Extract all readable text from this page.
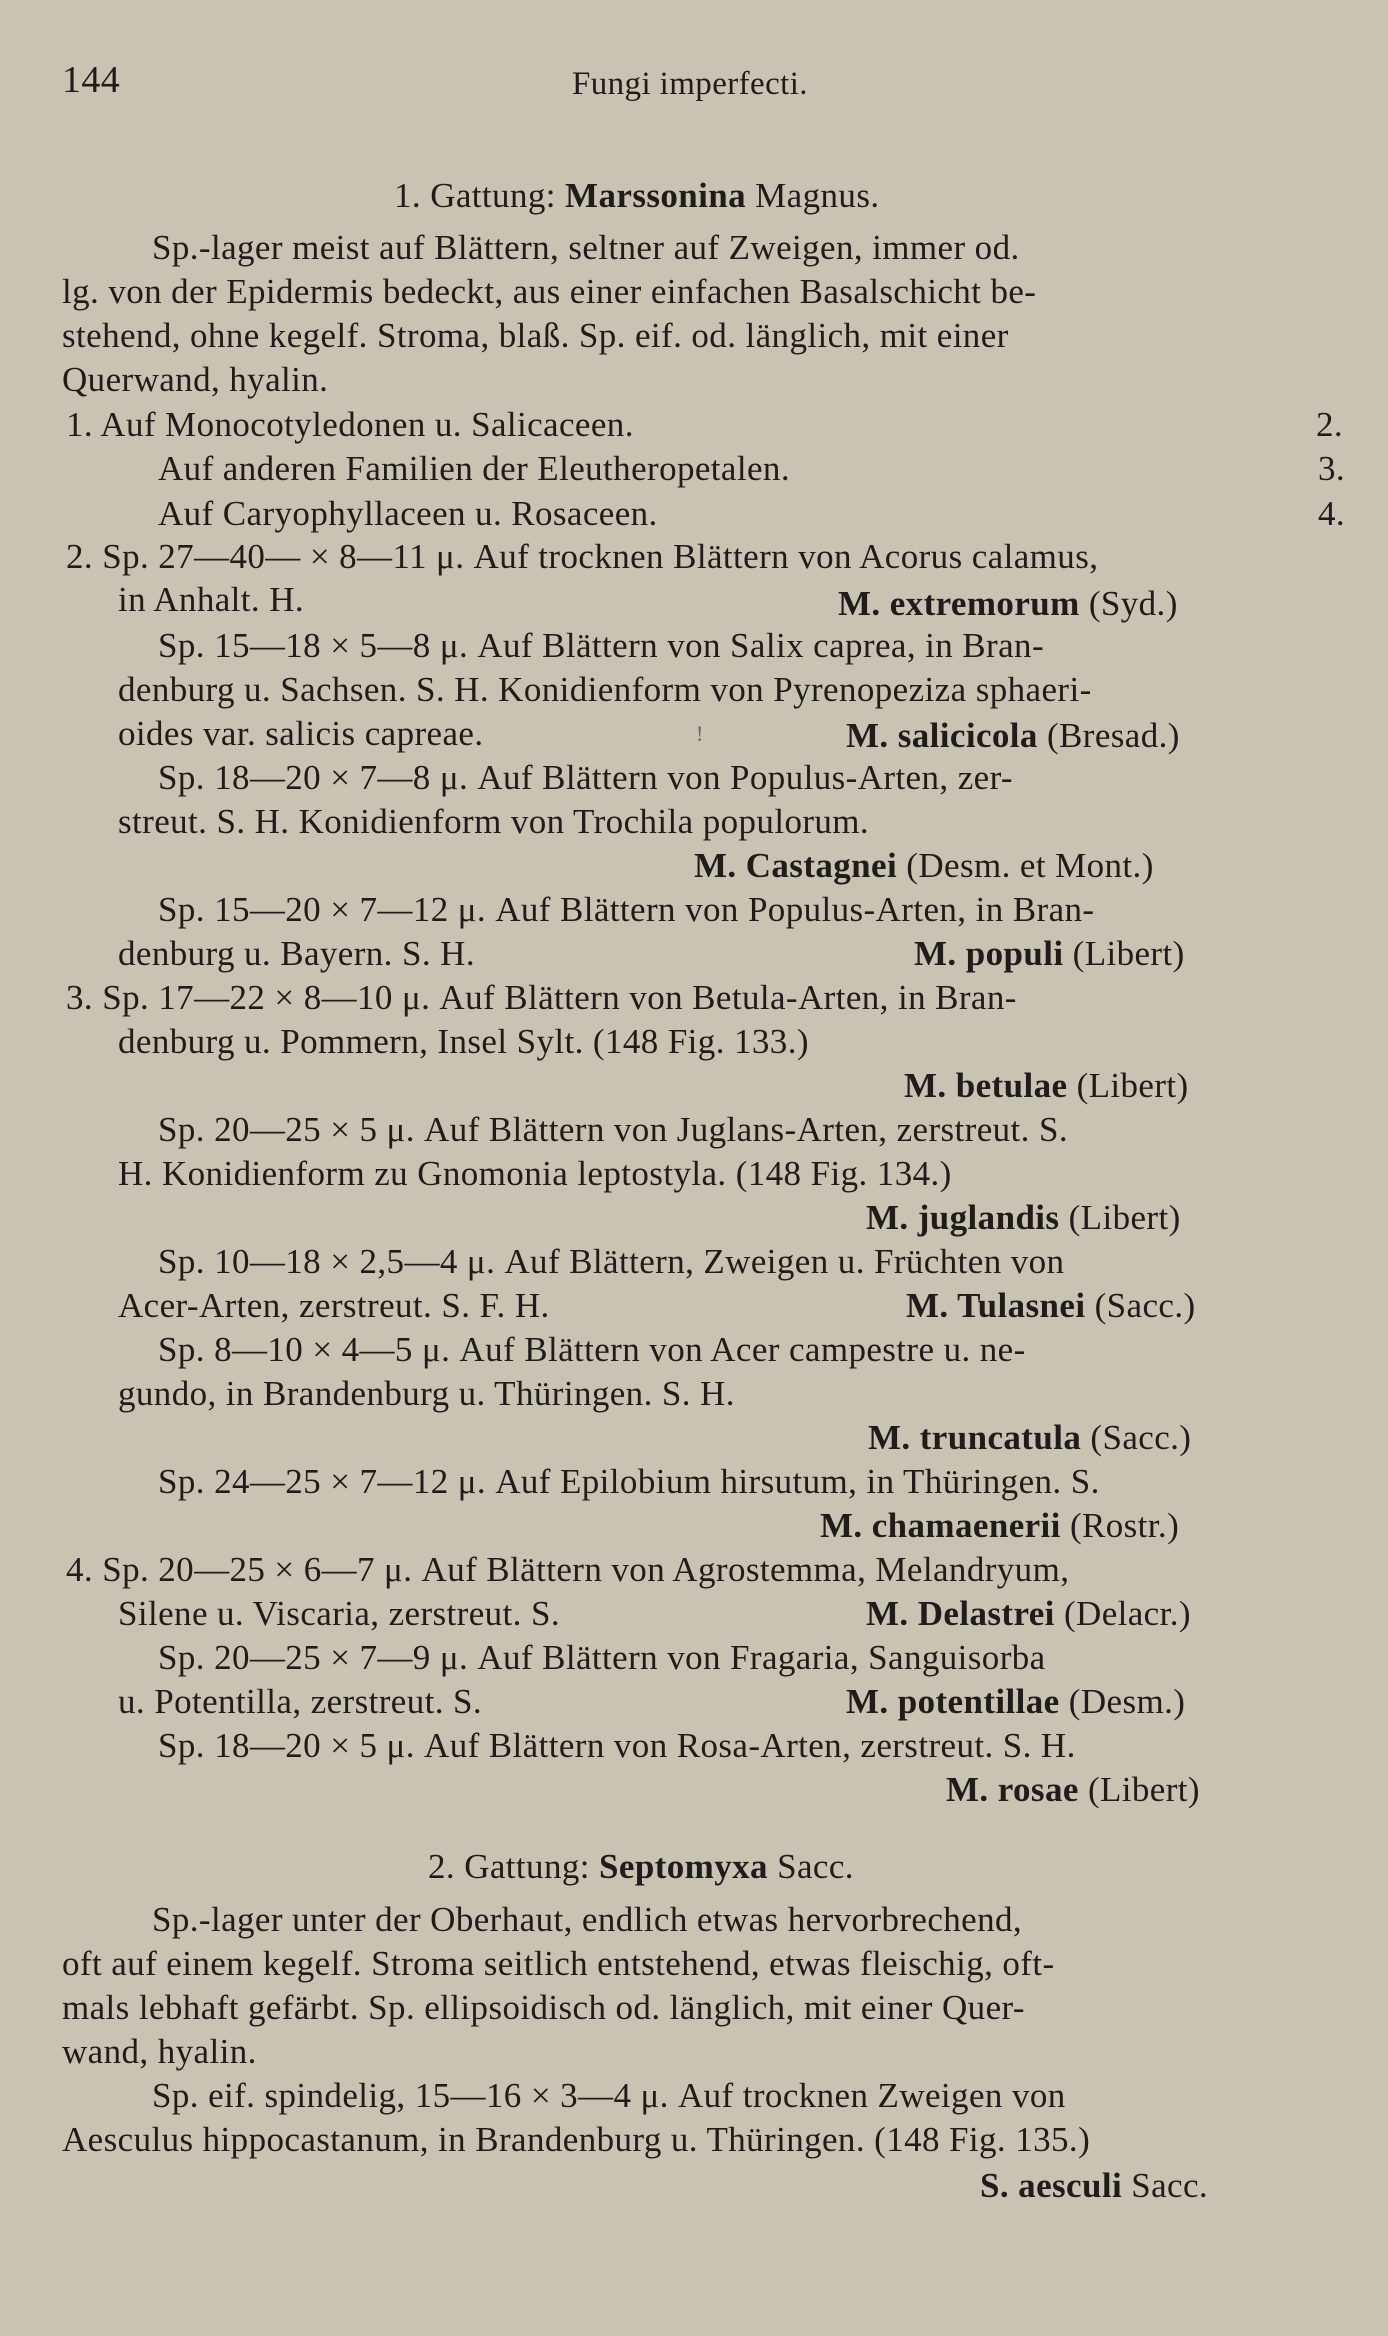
144	Fungi imperfecti.
1. Gattung: Marssonina Magnus.
Sp.-lager meist auf Blättern, seltner auf Zweigen, immer od.
lg. von der Epidermis bedeckt, aus einer einfachen Basalschicht be-
stehend, ohne kegelf. Stroma, blaß. Sp. eif. od. länglich, mit einer
Querwand, hyalin.
1. Auf Monocotyledonen u. Salicaceen.	2.
Auf anderen Familien der Eleutheropetalen.	3.
Auf Caryophyllaceen u. Rosaceen.	4.
2. Sp. 27—40— × 8—11 μ. Auf trocknen Blättern von Acorus calamus,
in Anhalt. H.	M. extremorum (Syd.)
Sp. 15—18 × 5—8 μ. Auf Blättern von Salix caprea, in Bran-
denburg u. Sachsen. S. H. Konidienform von Pyrenopeziza sphaeri-
oides var. salicis capreae.	ǃ	M. salicicola (Bresad.)
Sp. 18—20 × 7—8 μ. Auf Blättern von Populus-Arten, zer-
streut. S. H. Konidienform von Trochila populorum.
M. Castagnei (Desm. et Mont.)
Sp. 15—20 × 7—12 μ. Auf Blättern von Populus-Arten, in Bran-
denburg u. Bayern. S. H.	M. populi (Libert)
3. Sp. 17—22 × 8—10 μ. Auf Blättern von Betula-Arten, in Bran-
denburg u. Pommern, Insel Sylt. (148 Fig. 133.)
M. betulae (Libert)
Sp. 20—25 × 5 μ. Auf Blättern von Juglans-Arten, zerstreut. S.
H. Konidienform zu Gnomonia leptostyla. (148 Fig. 134.)
M. juglandis (Libert)
Sp. 10—18 × 2,5—4 μ. Auf Blättern, Zweigen u. Früchten von
Acer-Arten, zerstreut. S. F. H.	M. Tulasnei (Sacc.)
Sp. 8—10 × 4—5 μ. Auf Blättern von Acer campestre u. ne-
gundo, in Brandenburg u. Thüringen. S. H.
M. truncatula (Sacc.)
Sp. 24—25 × 7—12 μ. Auf Epilobium hirsutum, in Thüringen. S.
M. chamaenerii (Rostr.)
4. Sp. 20—25 × 6—7 μ. Auf Blättern von Agrostemma, Melandryum,
Silene u. Viscaria, zerstreut. S.	M. Delastrei (Delacr.)
Sp. 20—25 × 7—9 μ. Auf Blättern von Fragaria, Sanguisorba
u. Potentilla, zerstreut. S.	M. potentillae (Desm.)
Sp. 18—20 × 5 μ. Auf Blättern von Rosa-Arten, zerstreut. S. H.
M. rosae (Libert)
2. Gattung: Septomyxa Sacc.
Sp.-lager unter der Oberhaut, endlich etwas hervorbrechend,
oft auf einem kegelf. Stroma seitlich entstehend, etwas fleischig, oft-
mals lebhaft gefärbt. Sp. ellipsoidisch od. länglich, mit einer Quer-
wand, hyalin.
Sp. eif. spindelig, 15—16 × 3—4 μ. Auf trocknen Zweigen von
Aesculus hippocastanum, in Brandenburg u. Thüringen. (148 Fig. 135.)
S. aesculi Sacc.
